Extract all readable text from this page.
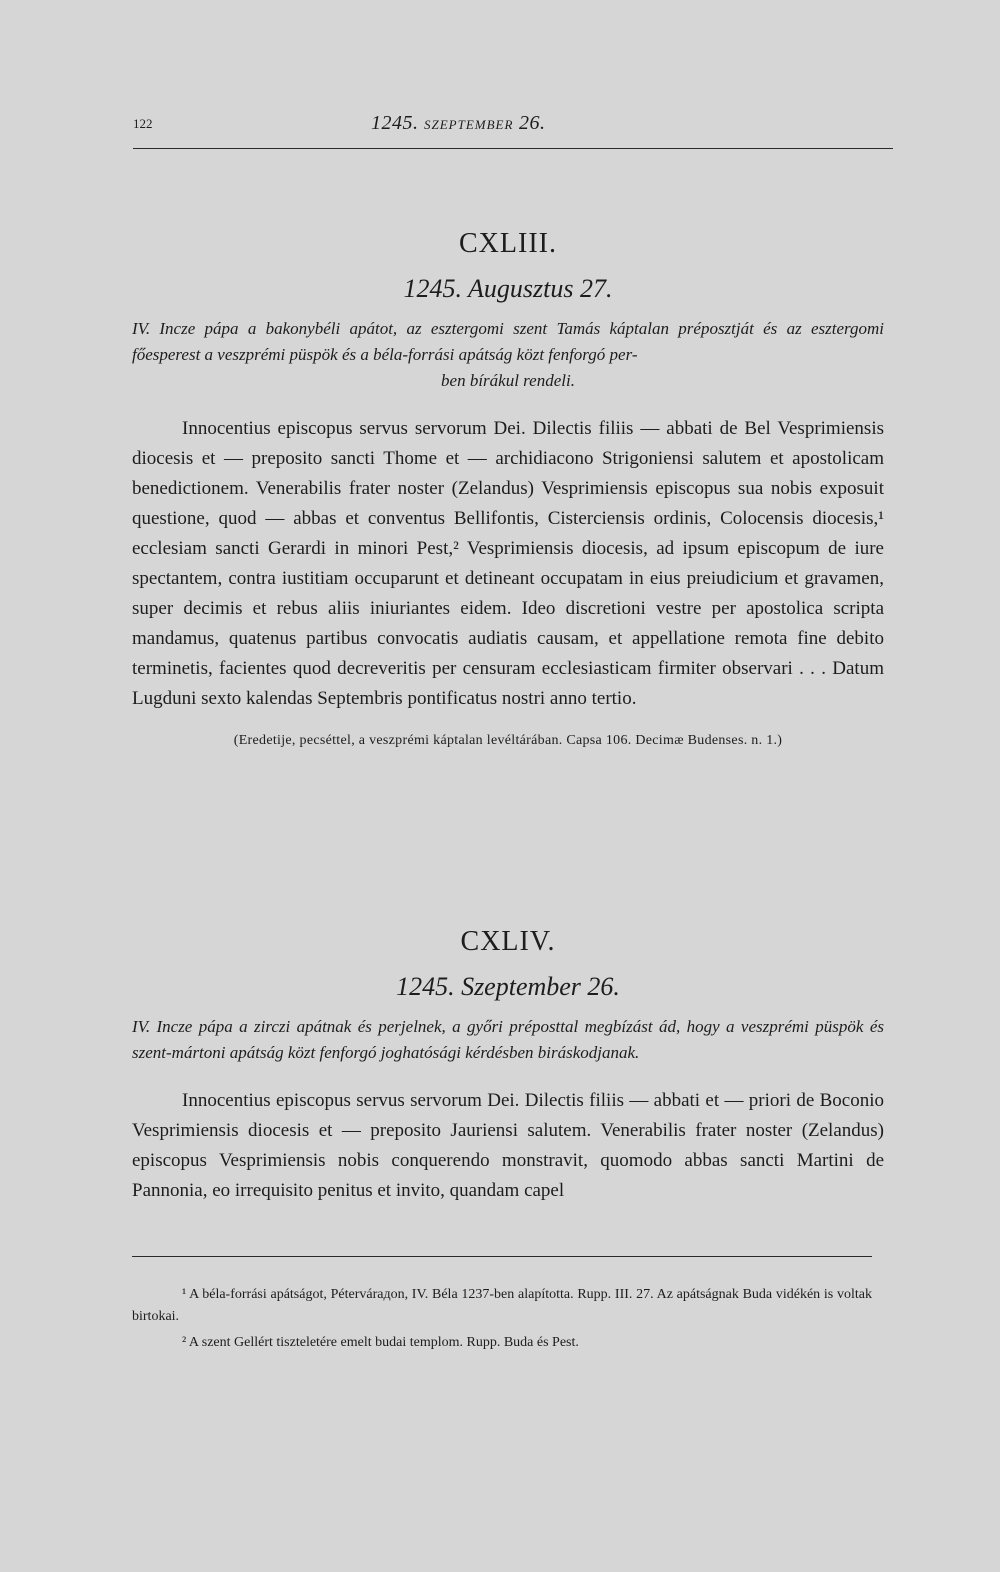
122	1245. SZEPTEMBER 26.
CXLIII.
1245. Augusztus 27.
IV. Incze pápa a bakonybéli apátot, az esztergomi szent Tamás káptalan préposztját és az esztergomi főesperest a veszprémi püspök és a béla-forrási apátság közt fenforgó per-
ben bírákul rendeli.

Innocentius episcopus servus servorum Dei. Dilectis filiis — abbati de Bel Vesprimiensis diocesis et — preposito sancti Thome et — archidiacono Strigoniensi salutem et apostolicam benedictionem. Venerabilis frater noster (Zelandus) Vesprimiensis episcopus sua nobis exposuit questione, quod — abbas et conventus Bellifontis, Cisterciensis ordinis, Colocensis diocesis,¹ ecclesiam sancti Gerardi in minori Pest,² Vesprimiensis diocesis, ad ipsum episcopum de iure spectantem, contra iustitiam occuparunt et detineant occupatam in eius preiudicium et gravamen, super decimis et rebus aliis iniuriantes eidem. Ideo discretioni vestre per apostolica scripta mandamus, quatenus partibus convocatis audiatis causam, et appellatione remota fine debito terminetis, facientes quod decreveritis per censuram ecclesiasticam firmiter observari . . . Datum Lugduni sexto kalendas Septembris pontificatus nostri anno tertio.

(Eredetije, pecséttel, a veszprémi káptalan levéltárában. Capsa 106. Decimæ Budenses. n. 1.)
CXLIV.
1245. Szeptember 26.
IV. Incze pápa a zirczi apátnak és perjelnek, a győri préposttal megbízást ád, hogy a veszprémi püspök és szent-mártoni apátság közt fenforgó joghatósági kérdésben biráskodjanak.

Innocentius episcopus servus servorum Dei. Dilectis filiis — abbati et — priori de Boconio Vesprimiensis diocesis et — preposito Jauriensi salutem. Venerabilis frater noster (Zelandus) episcopus Vesprimiensis nobis conquerendo monstravit, quomodo abbas sancti Martini de Pannonia, eo irrequisito penitus et invito, quandam capel

¹ A béla-forrási apátságot, Pétervárадon, IV. Béla 1237-ben alapította. Rupp. III. 27. Az apátságnak Buda vidékén is voltak birtokai.

² A szent Gellért tiszteletére emelt budai templom. Rupp. Buda és Pest.
